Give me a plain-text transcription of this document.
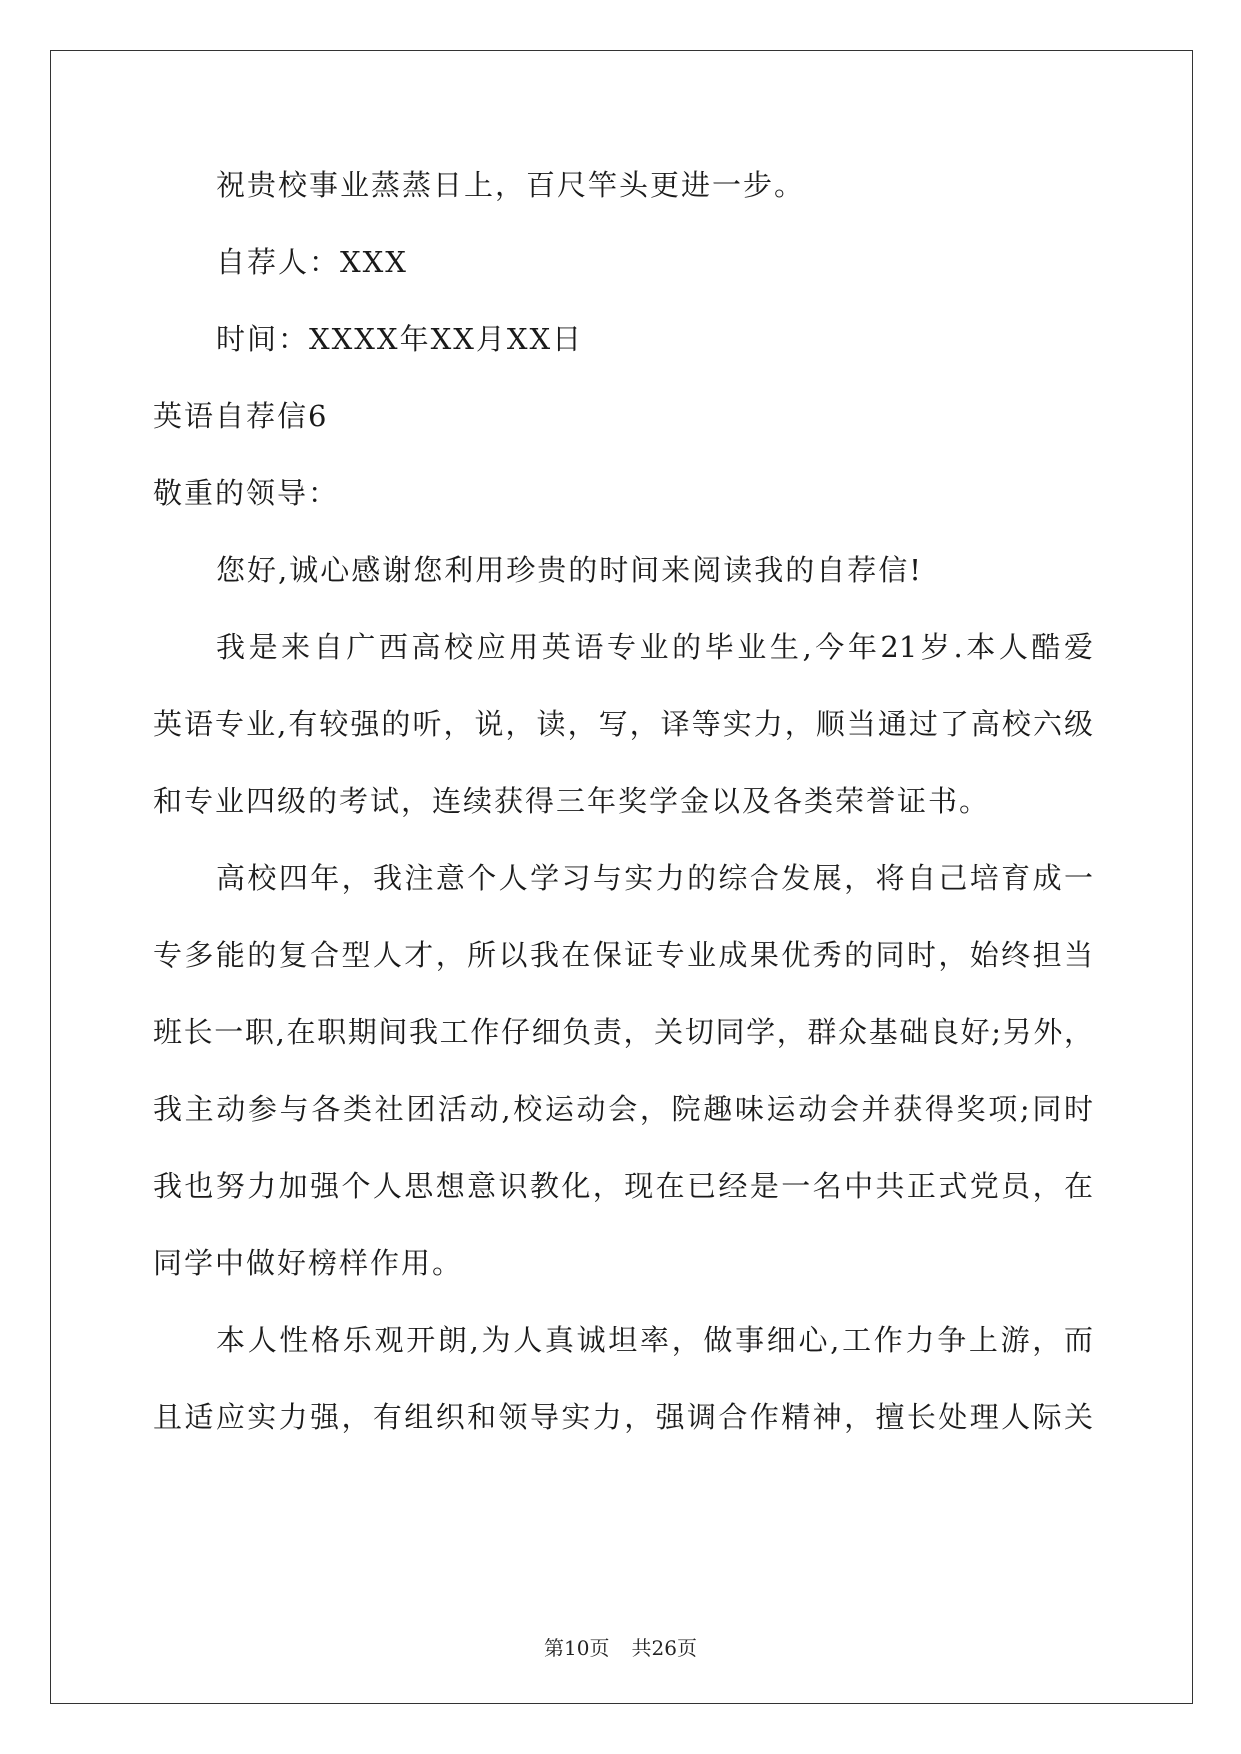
祝贵校事业蒸蒸日上，百尺竿头更进一步。
自荐人：XXX
时间：XXXX年XX月XX日
英语自荐信6
敬重的领导：
您好,诚心感谢您利用珍贵的时间来阅读我的自荐信!
我是来自广西高校应用英语专业的毕业生,今年21岁.本人酷爱
英语专业,有较强的听，说，读，写，译等实力，顺当通过了高校六级
和专业四级的考试，连续获得三年奖学金以及各类荣誉证书。
高校四年，我注意个人学习与实力的综合发展，将自己培育成一
专多能的复合型人才，所以我在保证专业成果优秀的同时，始终担当
班长一职,在职期间我工作仔细负责，关切同学，群众基础良好;另外，
我主动参与各类社团活动,校运动会，院趣味运动会并获得奖项;同时
我也努力加强个人思想意识教化，现在已经是一名中共正式党员，在
同学中做好榜样作用。
本人性格乐观开朗,为人真诚坦率，做事细心,工作力争上游，而
且适应实力强，有组织和领导实力，强调合作精神，擅长处理人际关
第10页 共26页
